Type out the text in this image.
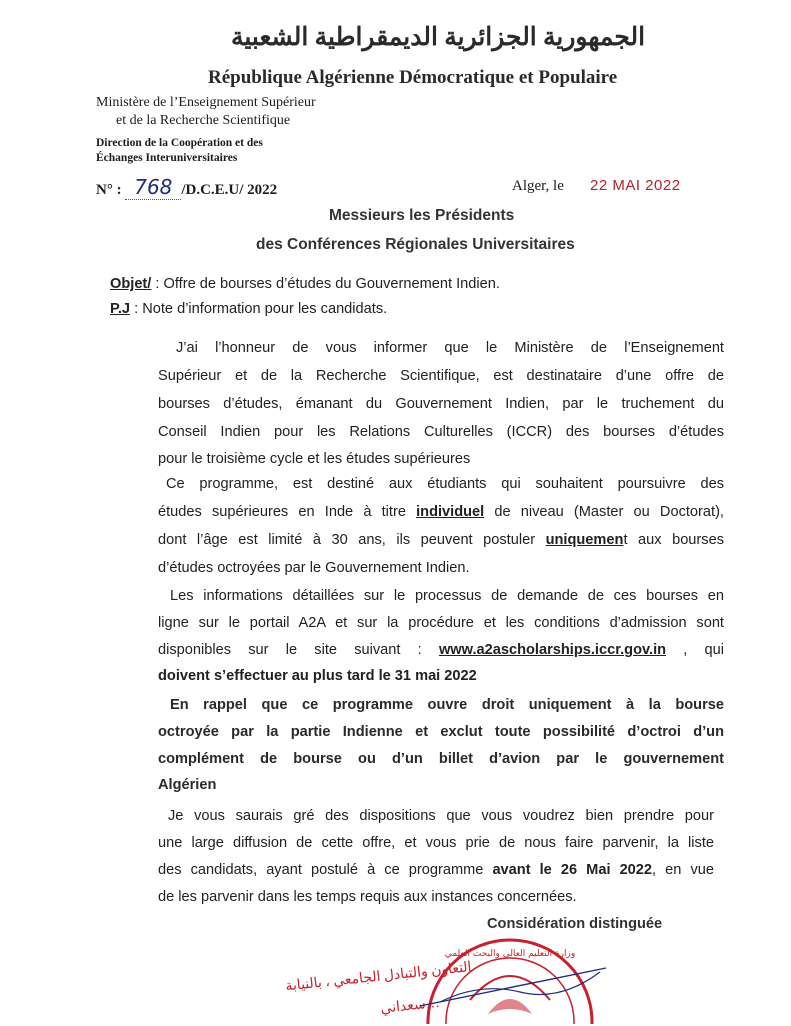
الجمهورية الجزائرية الديمقراطية الشعبية
République Algérienne Démocratique et Populaire
Ministère de l’Enseignement Supérieur
et de la Recherche Scientifique
Direction de la Coopération et des
Échanges Interuniversitaires
N° : 768 /D.C.E.U/ 2022	Alger, le 22 MAI 2022
Messieurs les Présidents
des Conférences Régionales Universitaires
Objet/ : Offre de bourses d’études du Gouvernement Indien.
P.J : Note d’information pour les candidats.
J’ai l’honneur de vous informer que le Ministère de l’Enseignement
Supérieur et de la Recherche Scientifique, est destinataire d’une offre de
bourses d’études, émanant du Gouvernement Indien, par le truchement du
Conseil Indien pour les Relations Culturelles (ICCR) des bourses d’études
pour le troisième cycle et les études supérieures
Ce programme, est destiné aux étudiants qui souhaitent poursuivre des
études supérieures en Inde à titre individuel de niveau (Master ou Doctorat),
dont l’âge est limité à 30 ans, ils peuvent postuler uniquement aux bourses
d’études octroyées par le Gouvernement Indien.
Les informations détaillées sur le processus de demande de ces bourses en
ligne sur le portail A2A et sur la procédure et les conditions d’admission sont
disponibles sur le site suivant : www.a2ascholarships.iccr.gov.in , qui
doivent s’effectuer au plus tard le 31 mai 2022
En rappel que ce programme ouvre droit uniquement à la bourse
octroyée par la partie Indienne et exclut toute possibilité d’octroi d’un
complément de bourse ou d’un billet d’avion par le gouvernement
Algérien
Je vous saurais gré des dispositions que vous voudrez bien prendre pour
une large diffusion de cette offre, et vous prie de nous faire parvenir, la liste
des candidats, ayant postulé à ce programme avant le 26 Mai 2022, en vue
de les parvenir dans les temps requis aux instances concernées.
Considération distinguée
التعاون والتبادل الجامعي ، بالنيابة
…سعداني
وزارة التعليم العالي والبحث العلمي
